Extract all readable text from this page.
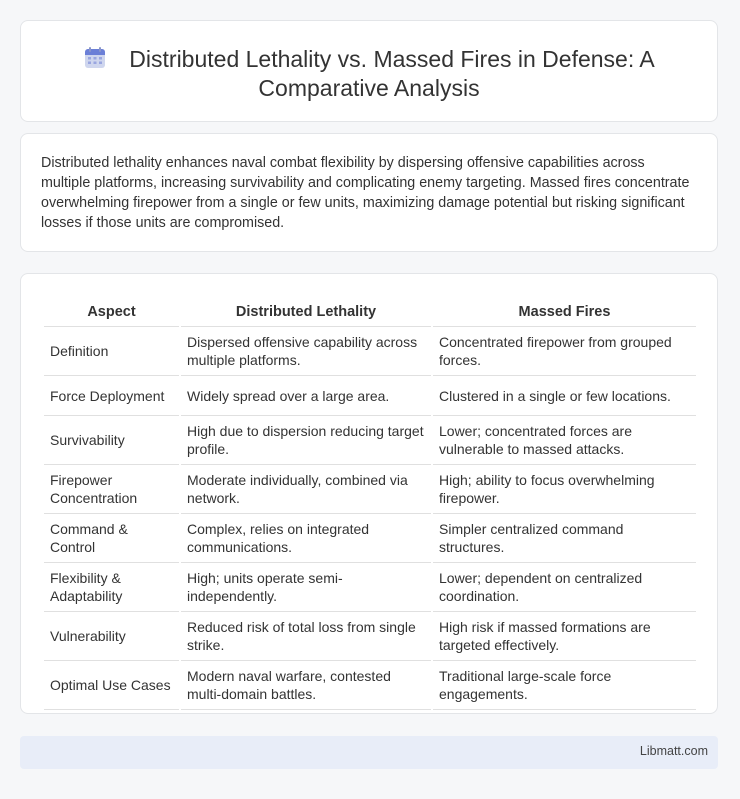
Distributed Lethality vs. Massed Fires in Defense: A Comparative Analysis

Distributed lethality enhances naval combat flexibility by dispersing offensive capabilities across multiple platforms, increasing survivability and complicating enemy targeting. Massed fires concentrate overwhelming firepower from a single or few units, maximizing damage potential but risking significant losses if those units are compromised.

Aspect	Distributed Lethality	Massed Fires
Definition	Dispersed offensive capability across multiple platforms.	Concentrated firepower from grouped forces.
Force Deployment	Widely spread over a large area.	Clustered in a single or few locations.
Survivability	High due to dispersion reducing target profile.	Lower; concentrated forces are vulnerable to massed attacks.
Firepower Concentration	Moderate individually, combined via network.	High; ability to focus overwhelming firepower.
Command & Control	Complex, relies on integrated communications.	Simpler centralized command structures.
Flexibility & Adaptability	High; units operate semi-independently.	Lower; dependent on centralized coordination.
Vulnerability	Reduced risk of total loss from single strike.	High risk if massed formations are targeted effectively.
Optimal Use Cases	Modern naval warfare, contested multi-domain battles.	Traditional large-scale force engagements.
Libmatt.com
